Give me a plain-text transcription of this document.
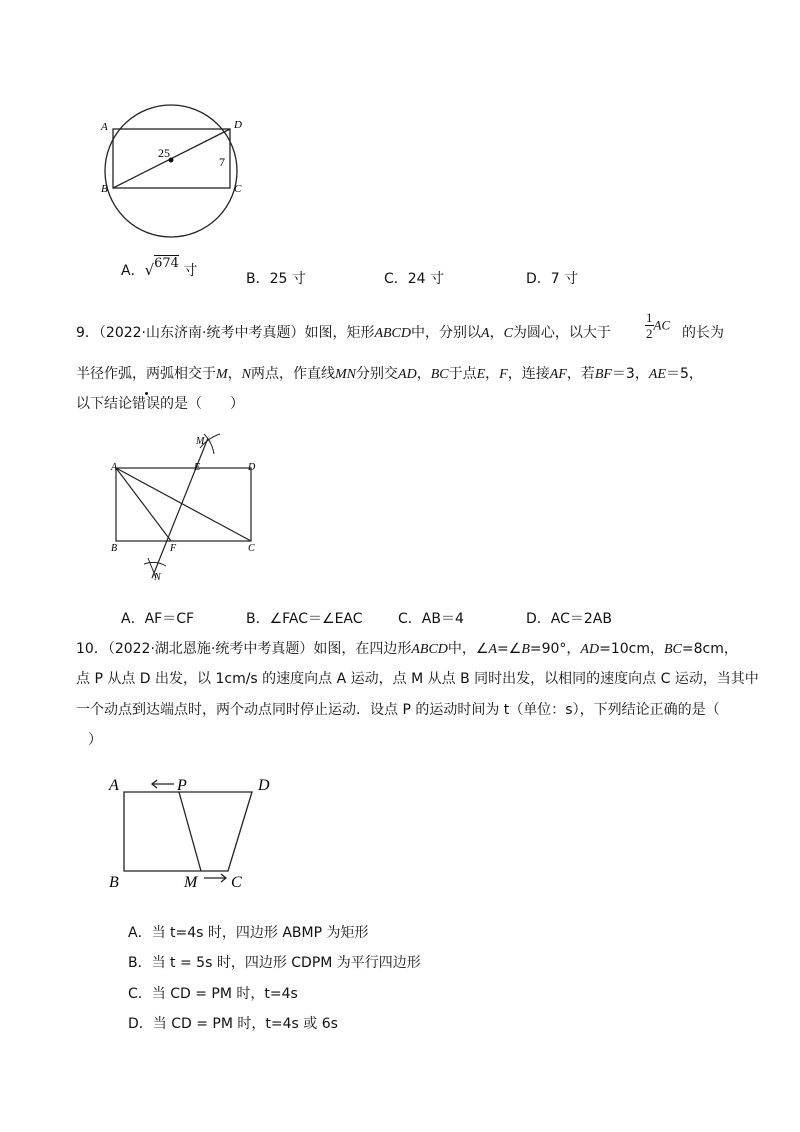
A	D
B	C
25
7
A．√674 寸	B．25 寸	C．24 寸	D．7 寸
9．（2022·山东济南·统考中考真题）如图，矩形ABCD中，分别以A，C为圆心，以大于	$\frac{1}{2}$ AC 的长为
半径作弧，两弧相交于M，N两点，作直线MN分别交AD，BC于点E，F，连接AF，若BF＝3，AE＝5，
以下结论错误的是（　　）
A	D
B	C
E
F
M
N
A．AF＝CF	B．∠FAC＝∠EAC	C．AB＝4	D．AC＝2AB
10．（2022·湖北恩施·统考中考真题）如图，在四边形ABCD中，∠A=∠B=90°，AD=10cm，BC=8cm，
点 P 从点 D 出发，以 1cm/s 的速度向点 A 运动，点 M 从点 B 同时出发，以相同的速度向点 C 运动，当其中
一个动点到达端点时，两个动点同时停止运动．设点 P 的运动时间为 t（单位：s），下列结论正确的是（
）
A	P	D
B	M C
A．当 t=4s 时，四边形 ABMP 为矩形
B．当 t = 5s 时，四边形 CDPM 为平行四边形
C．当 CD = PM 时，t=4s
D．当 CD = PM 时，t=4s 或 6s
